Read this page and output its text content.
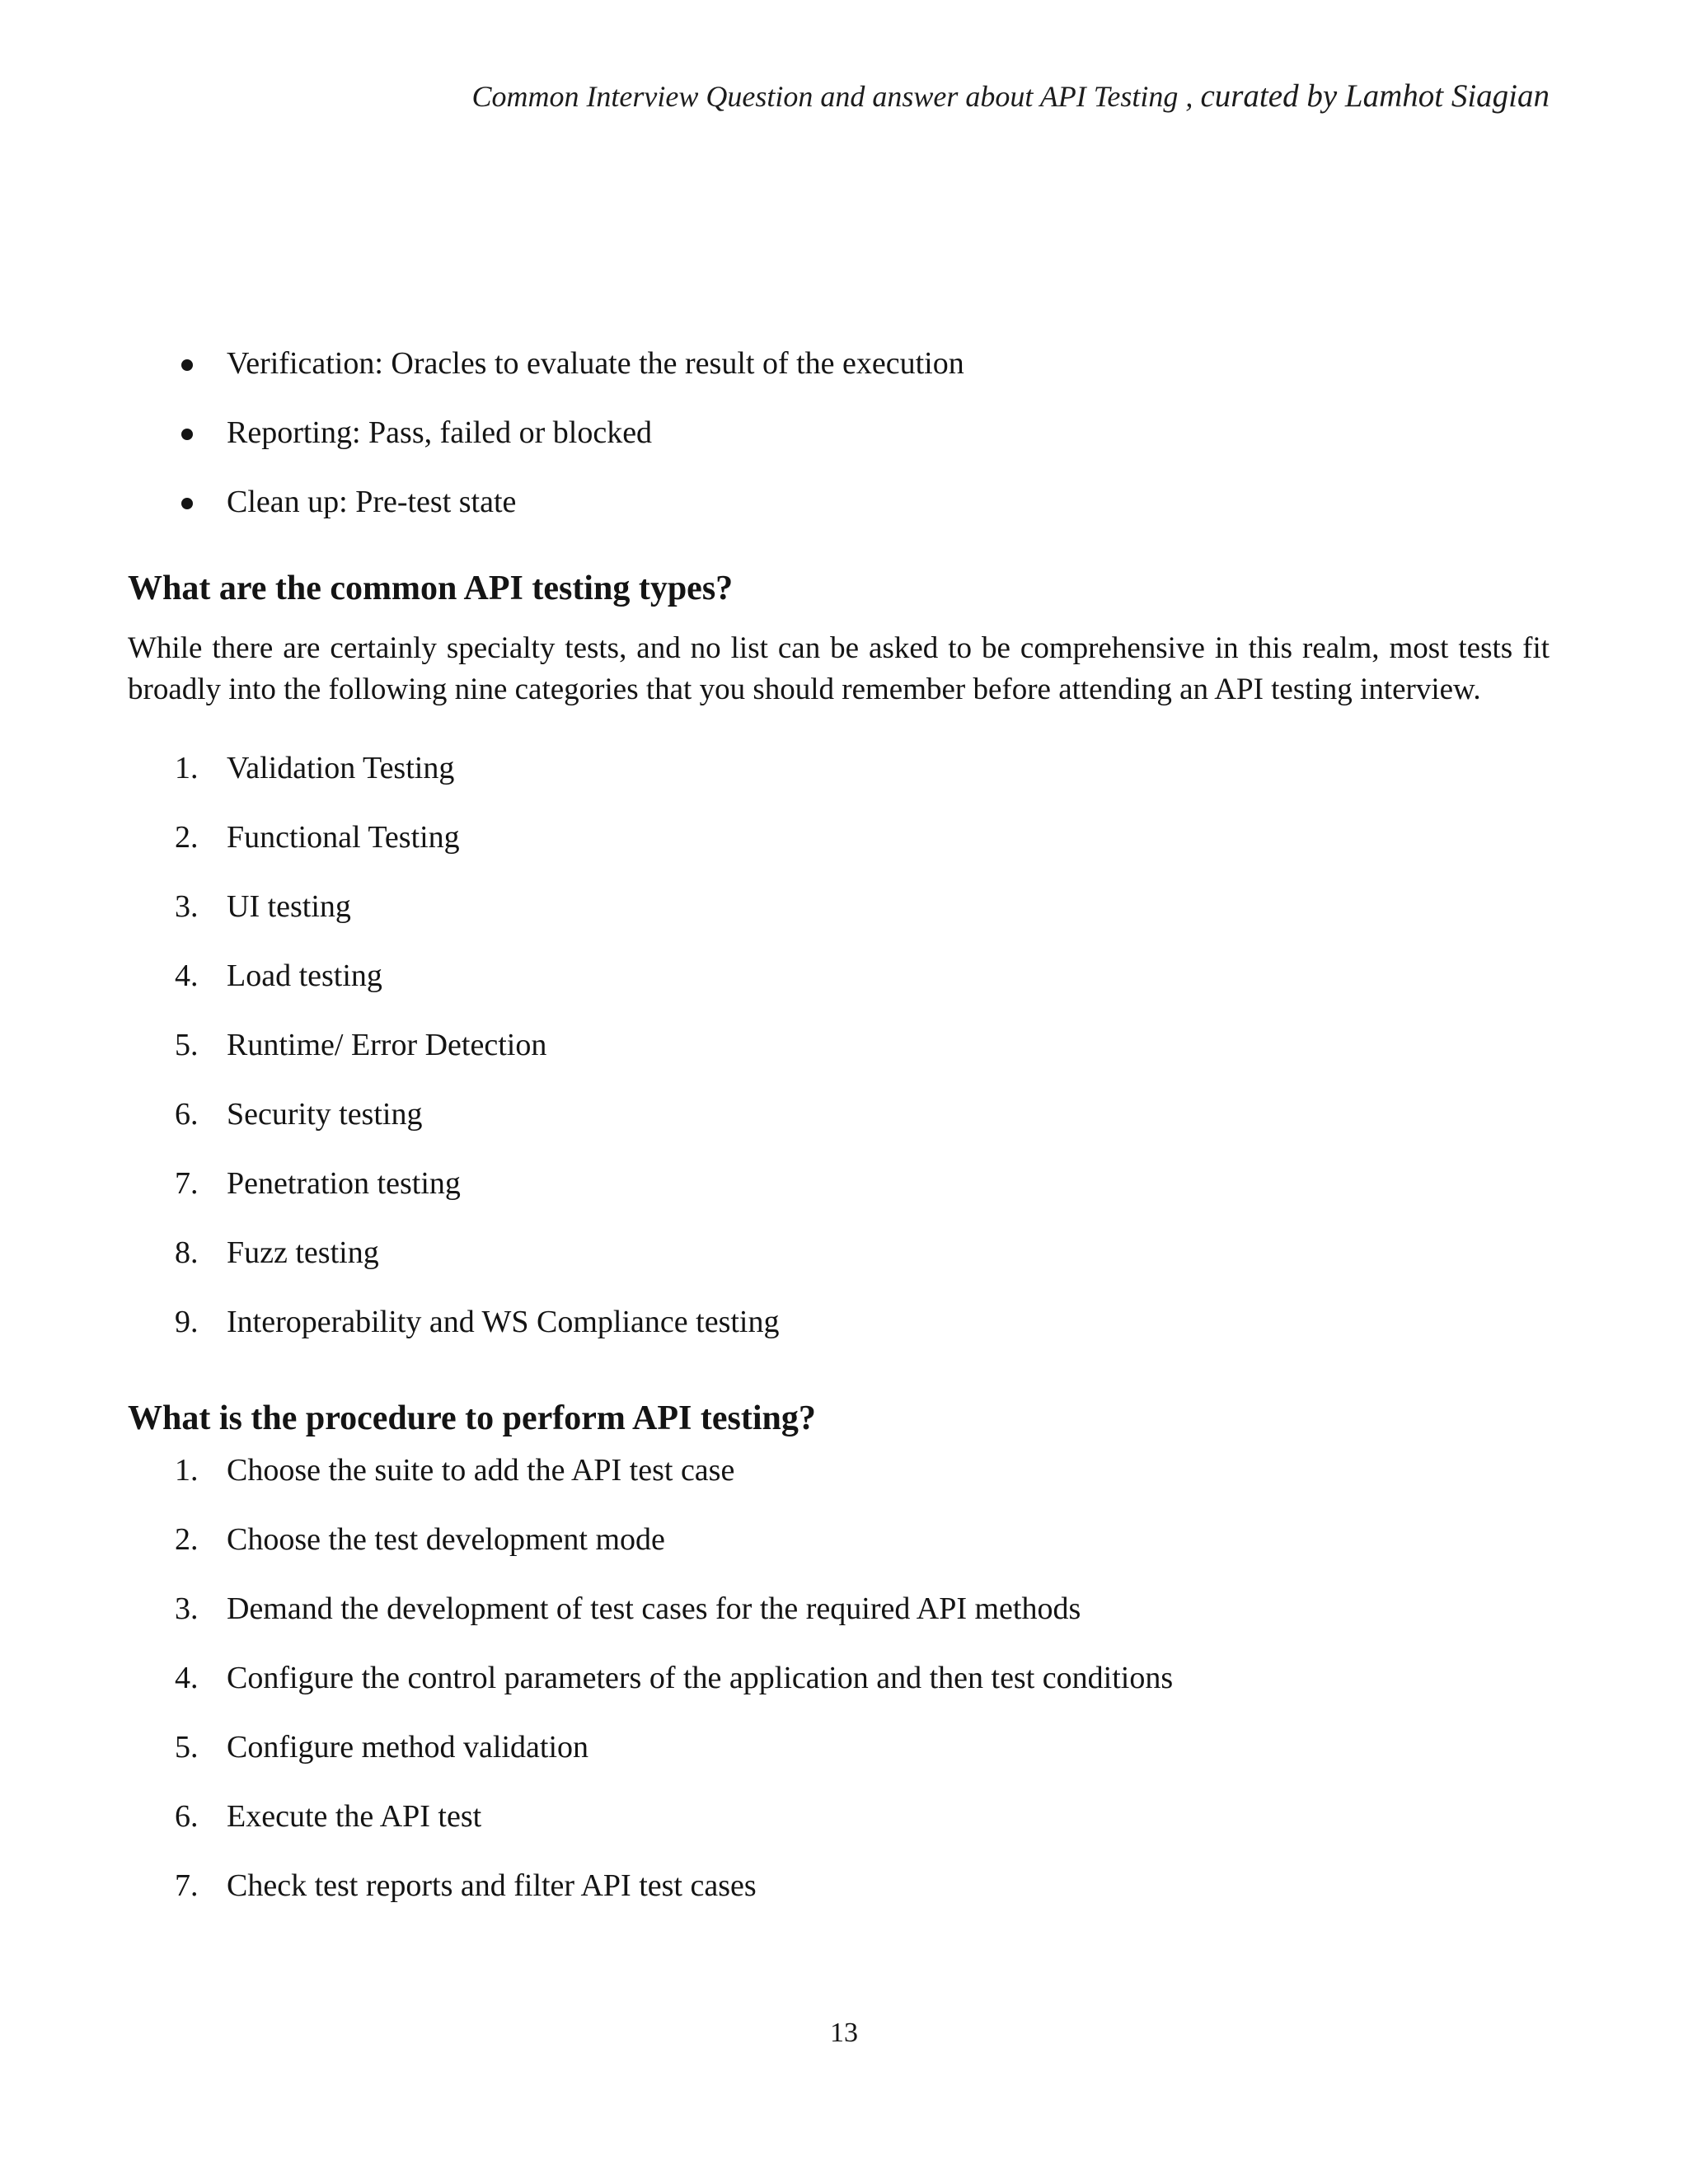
Common Interview Question and answer about API Testing , curated by Lamhot Siagian
Verification: Oracles to evaluate the result of the execution
Reporting: Pass, failed or blocked
Clean up: Pre-test state
What are the common API testing types?

While there are certainly specialty tests, and no list can be asked to be comprehensive in this realm, most tests fit broadly into the following nine categories that you should remember before attending an API testing interview.

1. Validation Testing
2. Functional Testing
3. UI testing
4. Load testing
5. Runtime/ Error Detection
6. Security testing
7. Penetration testing
8. Fuzz testing
9. Interoperability and WS Compliance testing
What is the procedure to perform API testing?
1. Choose the suite to add the API test case
2. Choose the test development mode
3. Demand the development of test cases for the required API methods
4. Configure the control parameters of the application and then test conditions
5. Configure method validation
6. Execute the API test
7. Check test reports and filter API test cases
13
